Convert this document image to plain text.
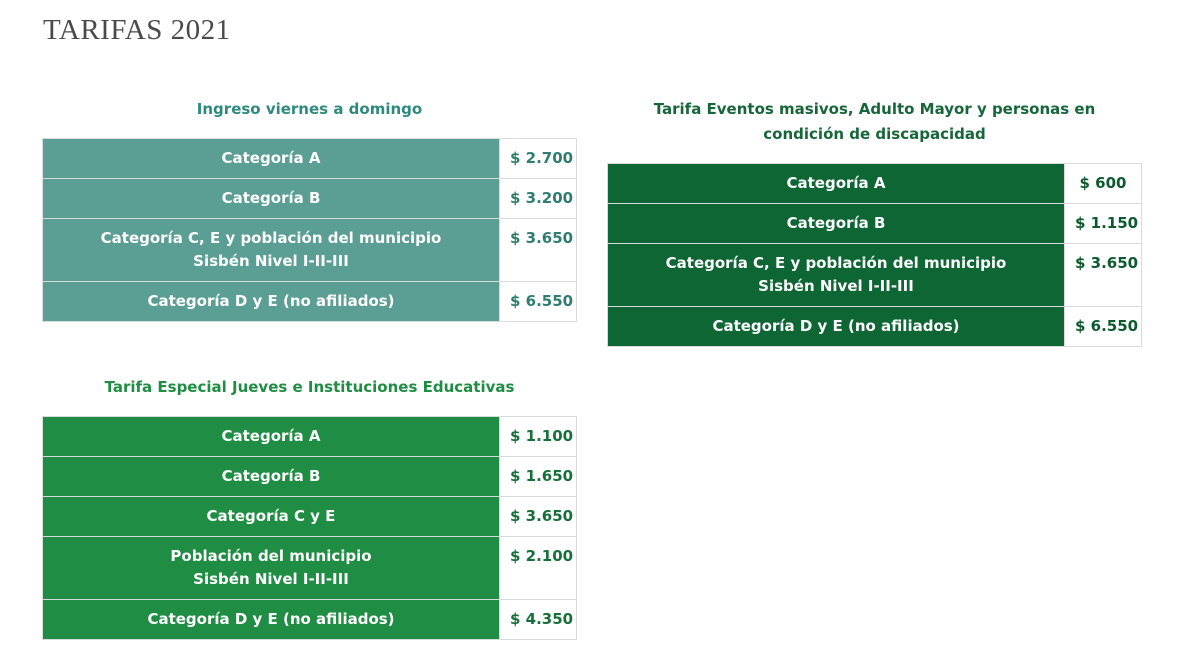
TARIFAS 2021

Ingreso viernes a domingo

Categoría A	$ 2.700

Categoría B	$ 3.200

Categoría C, E y población del municipio
Sisbén Nivel I-II-III	$ 3.650

Categoría D y E (no afiliados)	$ 6.550

Tarifa Eventos masivos, Adulto Mayor y personas en
condición de discapacidad

Categoría A	$ 600

Categoría B	$ 1.150

Categoría C, E y población del municipio
Sisbén Nivel I-II-III	$ 3.650

Categoría D y E (no afiliados)	$ 6.550

Tarifa Especial Jueves e Instituciones Educativas

Categoría A	$ 1.100

Categoría B	$ 1.650

Categoría C y E	$ 3.650

Población del municipio
Sisbén Nivel I-II-III	$ 2.100

Categoría D y E (no afiliados)	$ 4.350
